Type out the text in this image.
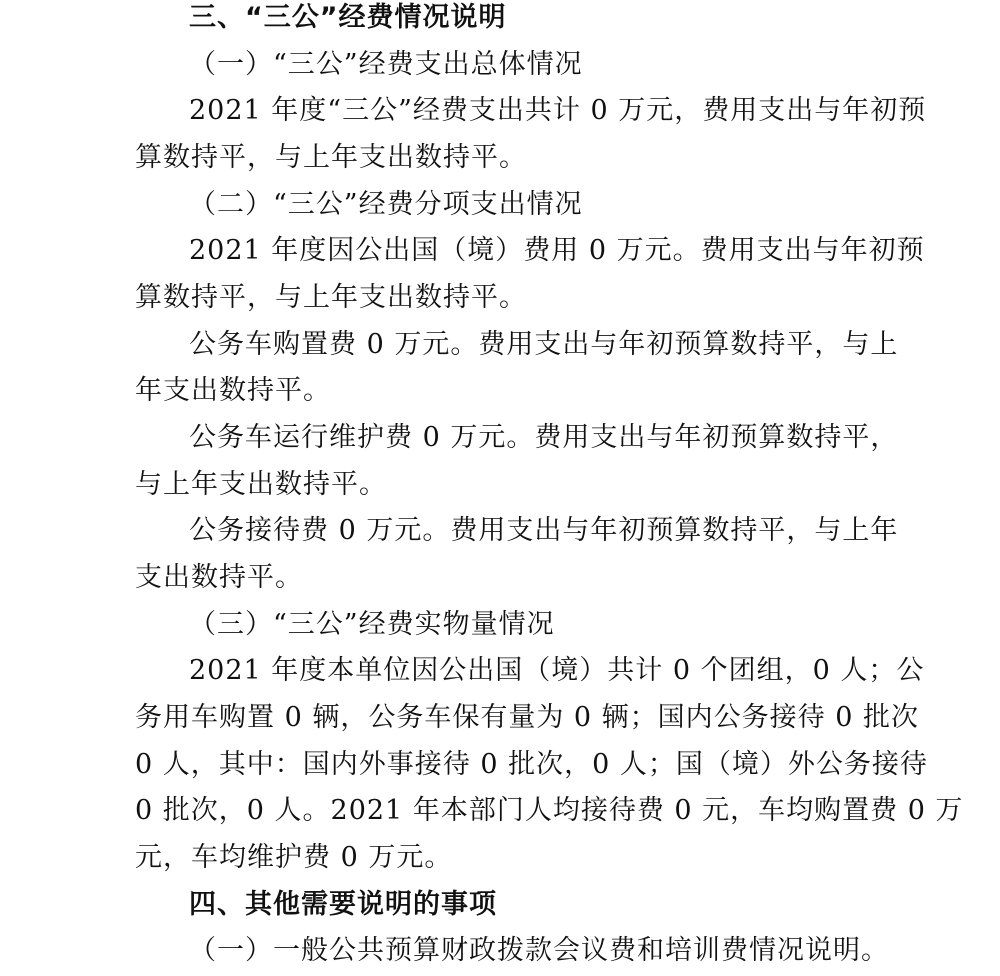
三、“三公”经费情况说明
（一）“三公”经费支出总体情况
2021 年度“三公”经费支出共计 0 万元，费用支出与年初预
算数持平，与上年支出数持平。
（二）“三公”经费分项支出情况
2021 年度因公出国（境）费用 0 万元。费用支出与年初预
算数持平，与上年支出数持平。
公务车购置费 0 万元。费用支出与年初预算数持平，与上
年支出数持平。
公务车运行维护费 0 万元。费用支出与年初预算数持平，
与上年支出数持平。
公务接待费 0 万元。费用支出与年初预算数持平，与上年
支出数持平。
（三）“三公”经费实物量情况
2021 年度本单位因公出国（境）共计 0 个团组，0 人；公
务用车购置 0 辆，公务车保有量为 0 辆；国内公务接待 0 批次
0 人，其中：国内外事接待 0 批次，0 人；国（境）外公务接待
0 批次，0 人。2021 年本部门人均接待费 0 元，车均购置费 0 万
元，车均维护费 0 万元。
四、其他需要说明的事项
（一）一般公共预算财政拨款会议费和培训费情况说明。
